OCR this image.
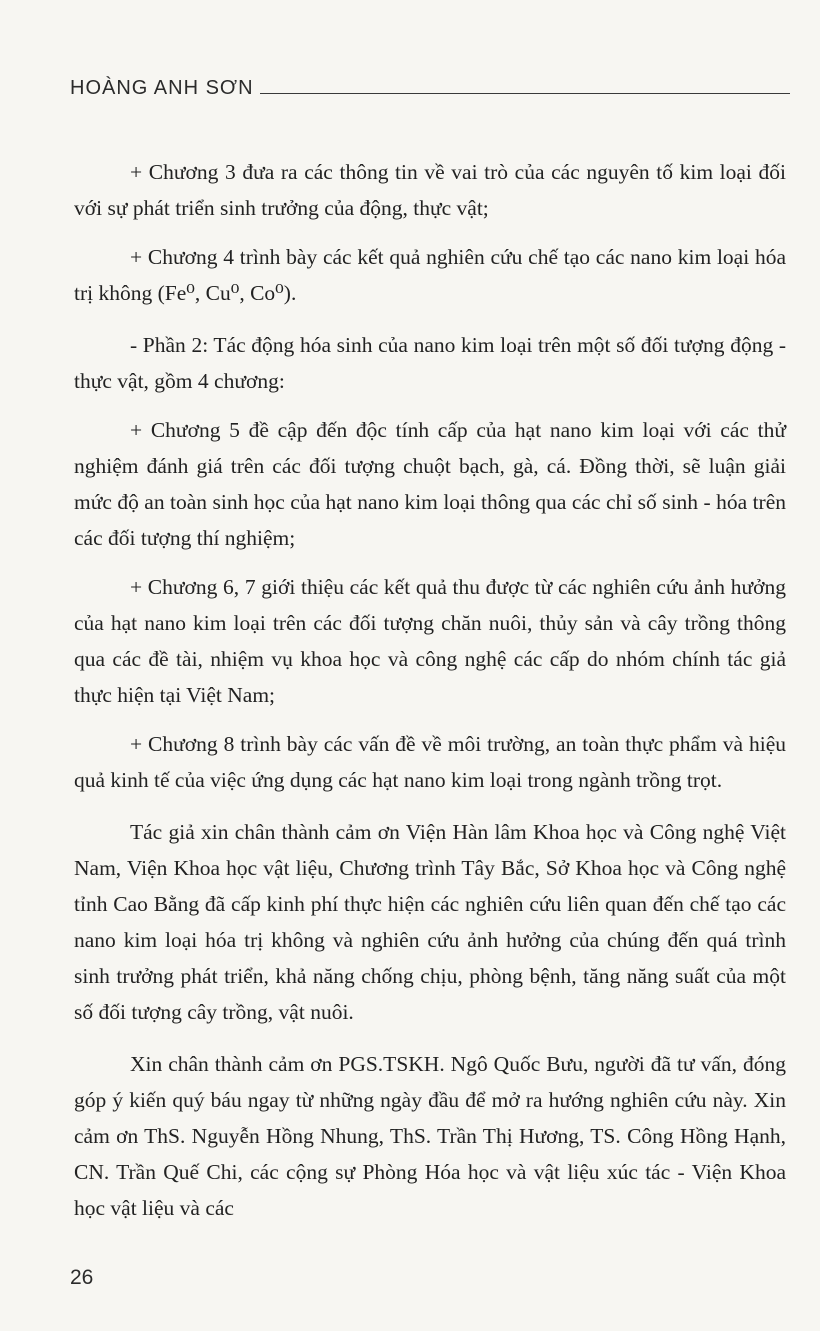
HOÀNG ANH SƠN

+ Chương 3 đưa ra các thông tin về vai trò của các nguyên tố kim loại đối với sự phát triển sinh trưởng của động, thực vật;

+ Chương 4 trình bày các kết quả nghiên cứu chế tạo các nano kim loại hóa trị không (Fe⁰, Cu⁰, Co⁰).

- Phần 2: Tác động hóa sinh của nano kim loại trên một số đối tượng động - thực vật, gồm 4 chương:

+ Chương 5 đề cập đến độc tính cấp của hạt nano kim loại với các thử nghiệm đánh giá trên các đối tượng chuột bạch, gà, cá. Đồng thời, sẽ luận giải mức độ an toàn sinh học của hạt nano kim loại thông qua các chỉ số sinh - hóa trên các đối tượng thí nghiệm;

+ Chương 6, 7 giới thiệu các kết quả thu được từ các nghiên cứu ảnh hưởng của hạt nano kim loại trên các đối tượng chăn nuôi, thủy sản và cây trồng thông qua các đề tài, nhiệm vụ khoa học và công nghệ các cấp do nhóm chính tác giả thực hiện tại Việt Nam;

+ Chương 8 trình bày các vấn đề về môi trường, an toàn thực phẩm và hiệu quả kinh tế của việc ứng dụng các hạt nano kim loại trong ngành trồng trọt.

Tác giả xin chân thành cảm ơn Viện Hàn lâm Khoa học và Công nghệ Việt Nam, Viện Khoa học vật liệu, Chương trình Tây Bắc, Sở Khoa học và Công nghệ tỉnh Cao Bằng đã cấp kinh phí thực hiện các nghiên cứu liên quan đến chế tạo các nano kim loại hóa trị không và nghiên cứu ảnh hưởng của chúng đến quá trình sinh trưởng phát triển, khả năng chống chịu, phòng bệnh, tăng năng suất của một số đối tượng cây trồng, vật nuôi.

Xin chân thành cảm ơn PGS.TSKH. Ngô Quốc Bưu, người đã tư vấn, đóng góp ý kiến quý báu ngay từ những ngày đầu để mở ra hướng nghiên cứu này. Xin cảm ơn ThS. Nguyễn Hồng Nhung, ThS. Trần Thị Hương, TS. Công Hồng Hạnh, CN. Trần Quế Chi, các cộng sự Phòng Hóa học và vật liệu xúc tác - Viện Khoa học vật liệu và các

26
